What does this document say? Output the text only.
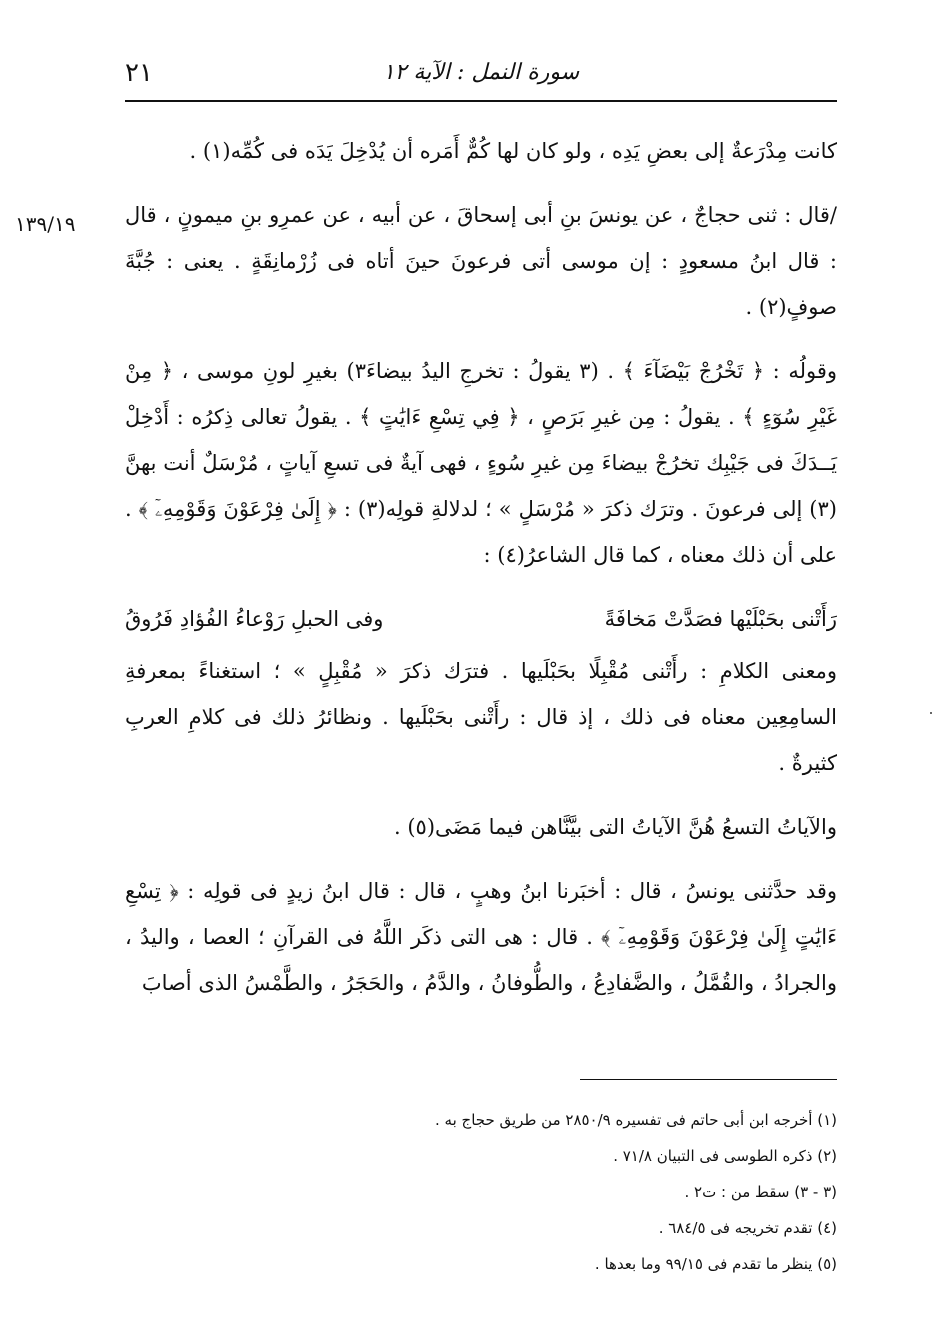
٢١	سورة النمل : الآية ١٢
١٣٩/١٩

كانت مِدْرَعةٌ إلى بعضِ يَدِه ، ولو كان لها كُمٌّ أَمَره أن يُدْخِلَ يَدَه فى كُمِّه(١) .

/قال : ثنى حجاجٌ ، عن يونسَ بنِ أبى إسحاقَ ، عن أبيه ، عن عمرِو بنِ ميمونٍ ، قال : قال ابنُ مسعودٍ : إن موسى أتى فرعونَ حينَ أتاه فى زُرْمانِقَةٍ . يعنى : جُبَّةَ صوفٍ(٢) .

وقولُه : ﴿ تَخْرُجْ بَيْضَآءَ ﴾ . (٣ يقولُ : تخرجِ اليدُ بيضاءَ٣) بغيرِ لونِ موسى ، ﴿ مِنْ غَيْرِ سُوٓءٍ ﴾ . يقولُ : مِن غيرِ بَرَصٍ ، ﴿ فِي تِسْعِ ءَايَٰتٍ ﴾ . يقولُ تعالى ذِكرُه : أَدْخِلْ يَــدَكَ فى جَيْبِك تخرُجْ بيضاءَ مِن غيرِ سُوءٍ ، فهى آيةٌ فى تسعِ آياتٍ ، مُرْسَلٌ أنت بهنَّ (٣) إلى فرعونَ . وترَك ذكرَ « مُرْسَلٍ » ؛ لدلالةِ قولِه(٣) : ﴿ إِلَىٰ فِرْعَوْنَ وَقَوْمِهِۦٓ ﴾ . على أن ذلك معناه ، كما قال الشاعرُ(٤) :

رَأَتْنى بحَبْلَيْها فصَدَّتْ مَخافَةً
وفى الحبلِ رَوْعاءُ الفُؤادِ فَرُوقُ

ومعنى الكلامِ : رأَتْنى مُقْبِلًا بحَبْلَيها . فترَك ذكرَ « مُقْبِلٍ » ؛ استغناءً بمعرفةِ السامِعِين معناه فى ذلك ، إذ قال : رأَتْنى بحَبْلَيها . ونظائرُ ذلك فى كلامِ العربِ كثيرةٌ .

والآياتُ التسعُ هُنَّ الآياتُ التى بيَّنَّاهن فيما مَضَى(٥) .

وقد حدَّثنى يونسُ ، قال : أخبَرنا ابنُ وهبٍ ، قال : قال ابنُ زيدٍ فى قولِه : ﴿ تِسْعِ ءَايَٰتٍ إِلَىٰ فِرْعَوْنَ وَقَوْمِهِۦٓ ﴾ . قال : هى التى ذكَر اللَّهُ فى القرآنِ ؛ العصا ، واليدُ ، والجرادُ ، والقُمَّلُ ، والضَّفادِعُ ، والطُّوفانُ ، والدَّمُ ، والحَجَرُ ، والطَّمْسُ الذى أصابَ

(١) أخرجه ابن أبى حاتم فى تفسيره ٢٨٥٠/٩ من طريق حجاج به .
(٢) ذكره الطوسى فى التبيان ٧١/٨ .
(٣ - ٣) سقط من : ت٢ .
(٤) تقدم تخريجه فى ٦٨٤/٥ .
(٥) ينظر ما تقدم فى ٩٩/١٥ وما بعدها .
